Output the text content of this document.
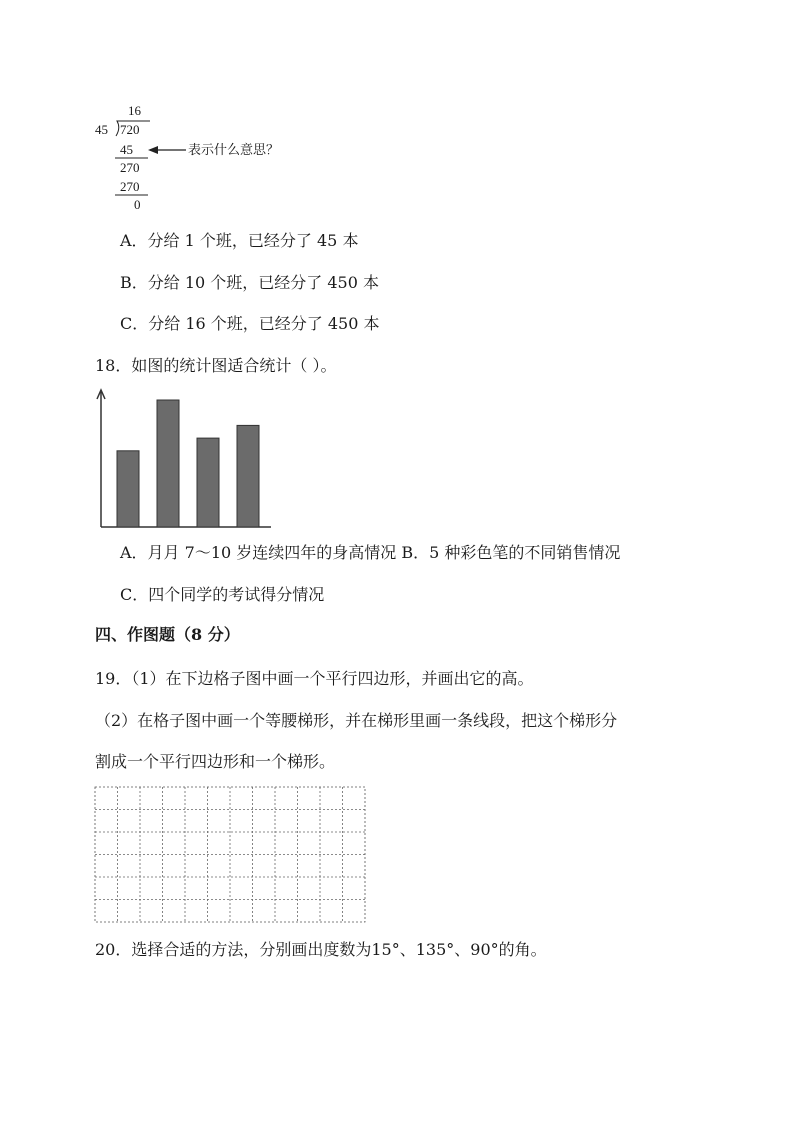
16
45 720
45
270
270
0
表示什么意思？
A．分给 1 个班，已经分了 45 本
B．分给 10 个班，已经分了 450 本
C．分给 16 个班，已经分了 450 本
18．如图的统计图适合统计（ ）。
A．月月 7～10 岁连续四年的身高情况 B．5 种彩色笔的不同销售情况
C．四个同学的考试得分情况
四、作图题（8 分）
19．（1）在下边格子图中画一个平行四边形，并画出它的高。
（2）在格子图中画一个等腰梯形，并在梯形里画一条线段，把这个梯形分
割成一个平行四边形和一个梯形。
20．选择合适的方法，分别画出度数为15°、135°、90°的角。
